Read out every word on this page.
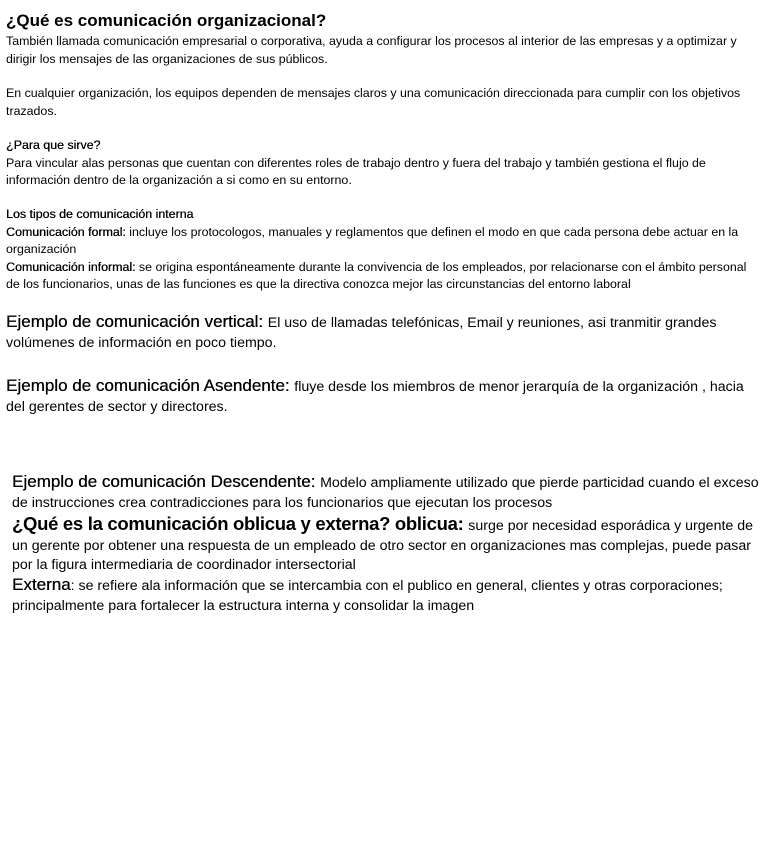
¿Qué es comunicación organizacional?

También llamada comunicación empresarial o corporativa, ayuda a configurar los procesos al interior de las empresas y a optimizar y dirigir los mensajes de las organizaciones de sus públicos.

En cualquier organización, los equipos dependen de mensajes claros y una comunicación direccionada para cumplir con los objetivos trazados.

¿Para que sirve?

Para vincular alas personas que cuentan con diferentes roles de trabajo dentro y fuera del trabajo y también gestiona el flujo de información dentro de la organización a si como en su entorno.

Los tipos de comunicación interna

Comunicación formal: incluye los protocologos, manuales y reglamentos que definen el modo en que cada persona debe actuar en la organización

Comunicación informal: se origina espontáneamente durante la convivencia de los empleados, por relacionarse con el ámbito personal de los funcionarios, unas de las funciones es que la directiva conozca mejor las circunstancias del entorno laboral

Ejemplo de comunicación vertical: El uso de llamadas telefónicas, Email y reuniones, asi tranmitir grandes volúmenes de información en poco tiempo.

Ejemplo de comunicación Asendente: fluye desde los miembros de menor jerarquía de la organización , hacia del gerentes de sector y directores.

Ejemplo de comunicación Descendente: Modelo ampliamente utilizado que pierde particidad cuando el exceso de instrucciones crea contradicciones para los funcionarios que ejecutan los procesos

¿Qué es la comunicación oblicua y externa? oblicua: surge por necesidad esporádica y urgente de un gerente por obtener una respuesta de un empleado de otro sector en organizaciones mas complejas, puede pasar por la figura intermediaria de coordinador intersectorial

Externa: se refiere ala información que se intercambia con el publico en general, clientes y otras corporaciones; principalmente para fortalecer la estructura interna y consolidar la imagen
